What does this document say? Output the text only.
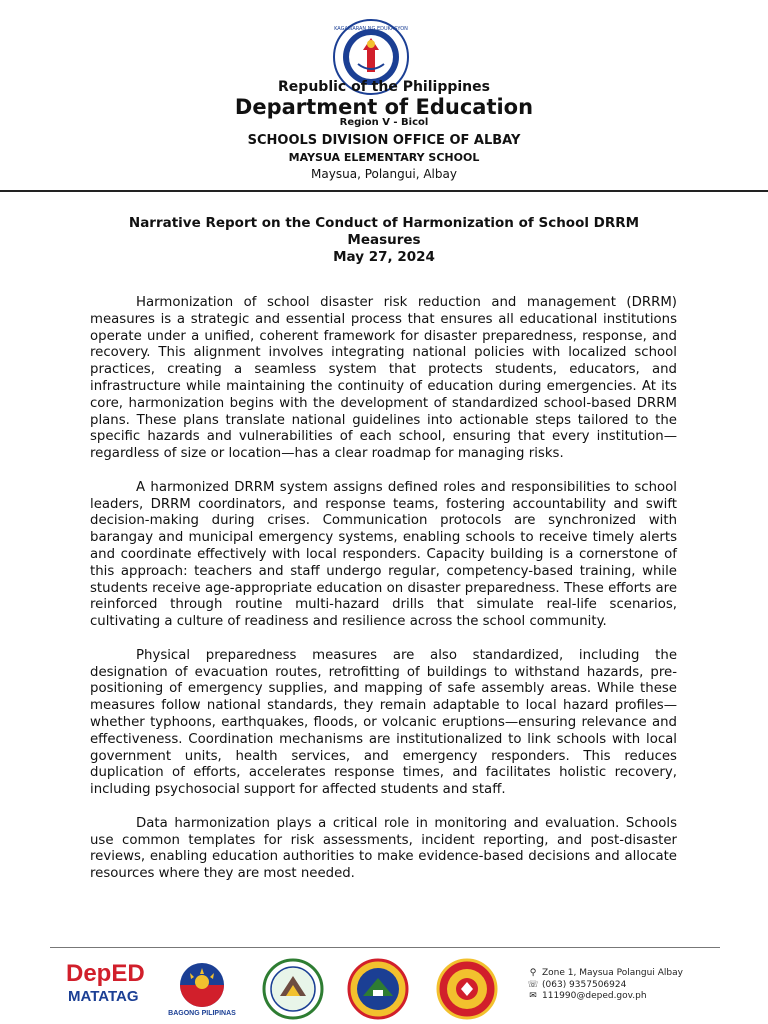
KAGAWARAN NG EDUKASYON
Republic of the Philippines
Department of Education
Region V - Bicol
SCHOOLS DIVISION OFFICE OF ALBAY
MAYSUA ELEMENTARY SCHOOL
Maysua, Polangui, Albay
Narrative Report on the Conduct of Harmonization of School DRRM
Measures
May 27, 2024

Harmonization of school disaster risk reduction and management (DRRM) measures is a strategic and essential process that ensures all educational institutions operate under a unified, coherent framework for disaster preparedness, response, and recovery. This alignment involves integrating national policies with localized school practices, creating a seamless system that protects students, educators, and infrastructure while maintaining the continuity of education during emergencies. At its core, harmonization begins with the development of standardized school-based DRRM plans. These plans translate national guidelines into actionable steps tailored to the specific hazards and vulnerabilities of each school, ensuring that every institution—regardless of size or location—has a clear roadmap for managing risks.

A harmonized DRRM system assigns defined roles and responsibilities to school leaders, DRRM coordinators, and response teams, fostering accountability and swift decision-making during crises. Communication protocols are synchronized with barangay and municipal emergency systems, enabling schools to receive timely alerts and coordinate effectively with local responders. Capacity building is a cornerstone of this approach: teachers and staff undergo regular, competency-based training, while students receive age-appropriate education on disaster preparedness. These efforts are reinforced through routine multi-hazard drills that simulate real-life scenarios, cultivating a culture of readiness and resilience across the school community.

Physical preparedness measures are also standardized, including the designation of evacuation routes, retrofitting of buildings to withstand hazards, pre-positioning of emergency supplies, and mapping of safe assembly areas. While these measures follow national standards, they remain adaptable to local hazard profiles—whether typhoons, earthquakes, floods, or volcanic eruptions—ensuring relevance and effectiveness. Coordination mechanisms are institutionalized to link schools with local government units, health services, and emergency responders. This reduces duplication of efforts, accelerates response times, and facilitates holistic recovery, including psychosocial support for affected students and staff.

Data harmonization plays a critical role in monitoring and evaluation. Schools use common templates for risk assessments, incident reporting, and post-disaster reviews, enabling education authorities to make evidence-based decisions and allocate resources where they are most needed.

DepED
MATATAG
BAGONG PILIPINAS
⚲ Zone 1, Maysua Polangui Albay
☏ (063) 9357506924
✉ 111990@deped.gov.ph
